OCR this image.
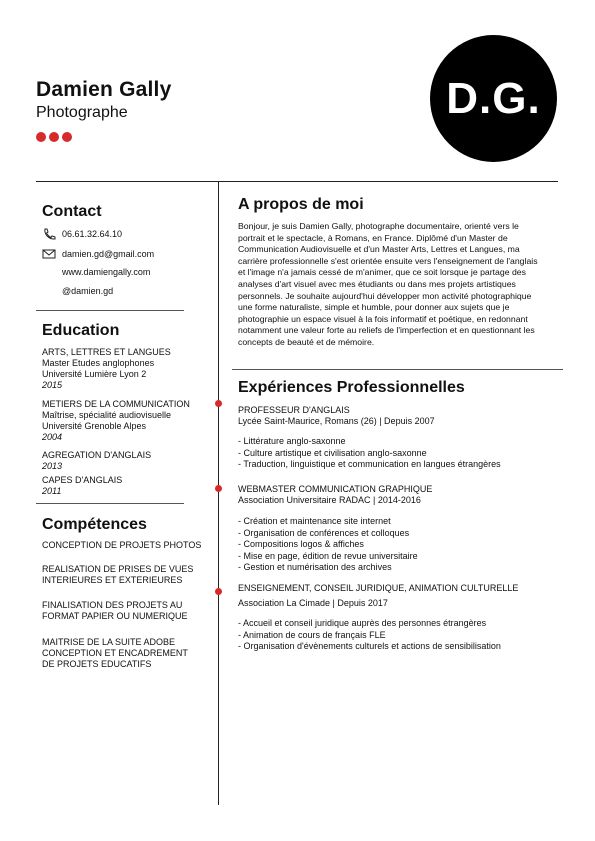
Damien Gally
Photographe	D.G.
Contact
06.61.32.64.10
damien.gd@gmail.com
www.damiengally.com
@damien.gd
Education
ARTS, LETTRES ET LANGUES
Master Etudes anglophones
Université Lumière Lyon 2
2015
METIERS DE LA COMMUNICATION
Maîtrise, spécialité audiovisuelle
Université Grenoble Alpes
2004
AGREGATION D'ANGLAIS
2013
CAPES D'ANGLAIS
2011
Compétences
CONCEPTION DE PROJETS PHOTOS
REALISATION DE PRISES DE VUES
INTERIEURES ET EXTERIEURES
FINALISATION DES PROJETS AU
FORMAT PAPIER OU NUMERIQUE
MAITRISE DE LA SUITE ADOBE
CONCEPTION ET ENCADREMENT
DE PROJETS EDUCATIFS
A propos de moi
Bonjour, je suis Damien Gally, photographe documentaire, orienté vers le portrait et le spectacle, à Romans, en France. Diplômé d'un Master de Communication Audiovisuelle et d'un Master Arts, Lettres et Langues, ma carrière professionnelle s'est orientée ensuite vers l'enseignement de l'anglais et l'image n'a jamais cessé de m'animer, que ce soit lorsque je partage des analyses d'art visuel avec mes étudiants ou dans mes projets artistiques personnels. Je souhaite aujourd'hui développer mon activité photographique une forme naturaliste, simple et humble, pour donner aux sujets que je photographie un espace visuel à la fois informatif et poétique, en redonnant notamment une valeur forte au reliefs de l'imperfection et en questionnant les concepts de beauté et de mémoire.
Expériences Professionnelles
PROFESSEUR D'ANGLAIS
Lycée Saint-Maurice, Romans (26) | Depuis 2007
- Littérature anglo-saxonne
- Culture artistique et civilisation anglo-saxonne
- Traduction, linguistique et communication en langues étrangères
WEBMASTER COMMUNICATION GRAPHIQUE
Association Universitaire RADAC | 2014-2016
- Création et maintenance site internet
- Organisation de conférences et colloques
- Compositions logos & affiches
- Mise en page, édition de revue universitaire
- Gestion et numérisation des archives
ENSEIGNEMENT, CONSEIL JURIDIQUE, ANIMATION CULTURELLE
Association La Cimade | Depuis 2017
- Accueil et conseil juridique auprès des personnes étrangères
- Animation de cours de français FLE
- Organisation d'évènements culturels et actions de sensibilisation
